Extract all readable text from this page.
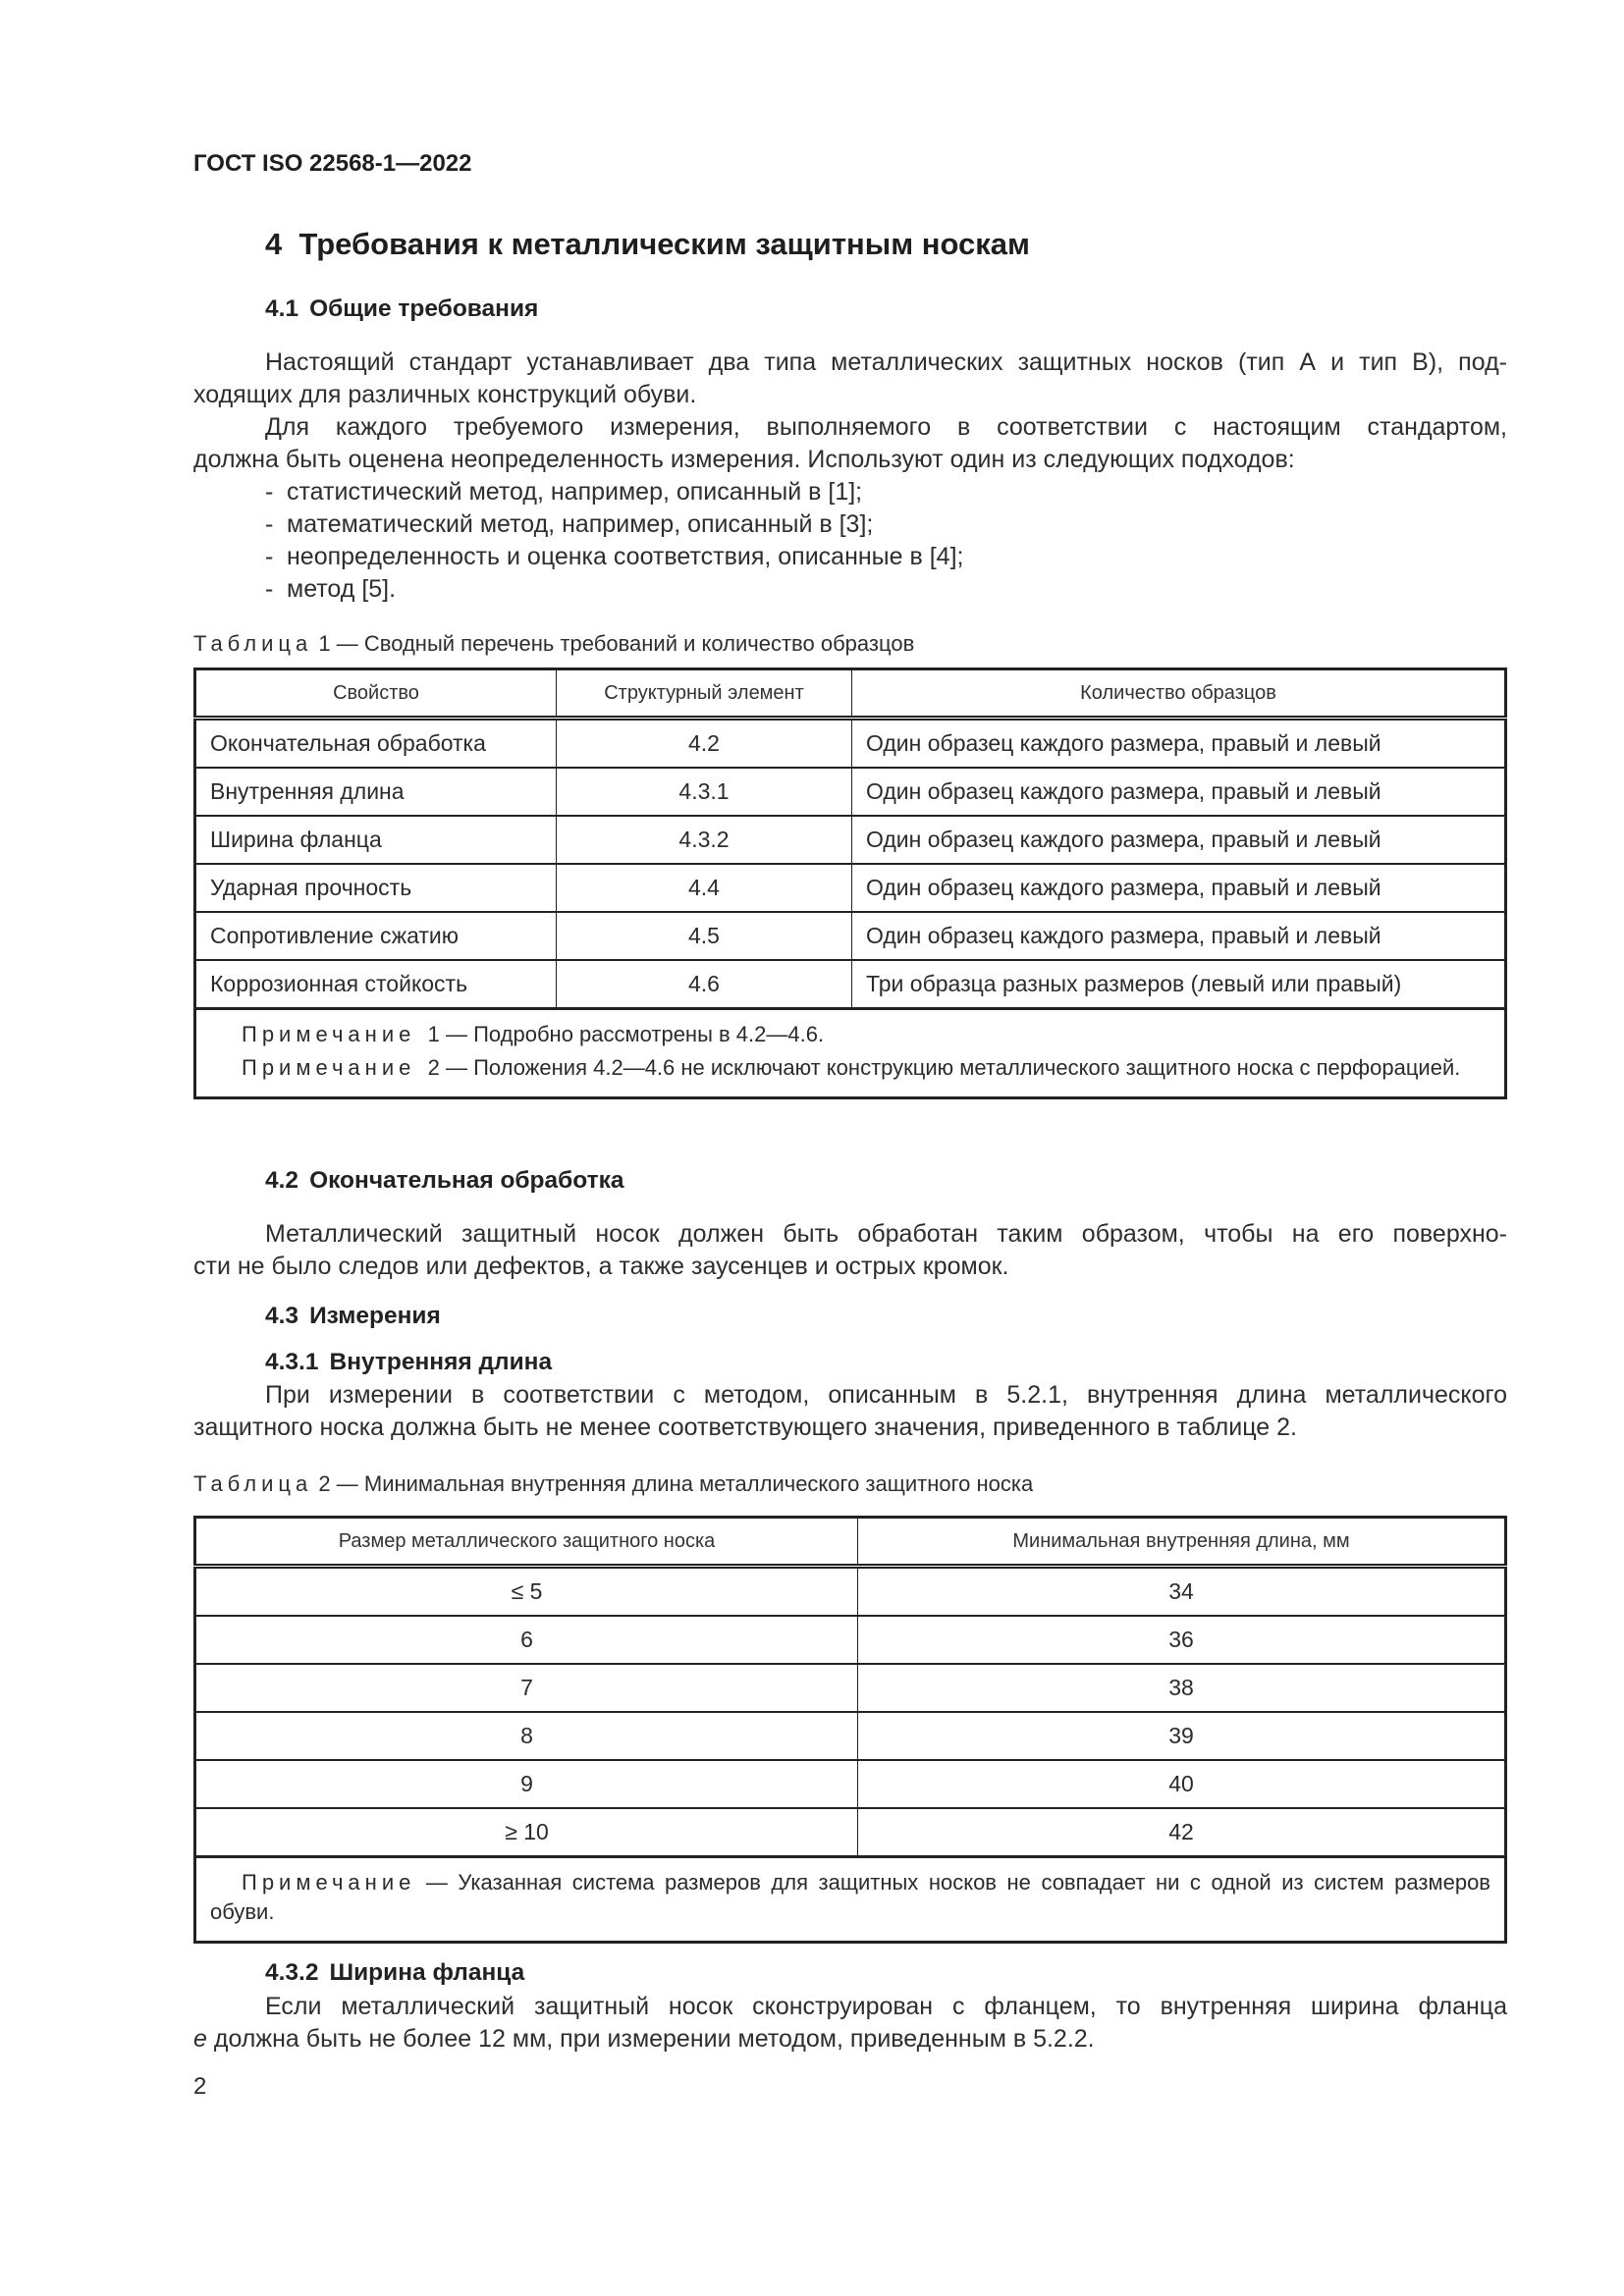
ГОСТ ISO 22568-1—2022
4 Требования к металлическим защитным носкам
4.1 Общие требования
Настоящий стандарт устанавливает два типа металлических защитных носков (тип А и тип В), под-
ходящих для различных конструкций обуви.
Для каждого требуемого измерения, выполняемого в соответствии с настоящим стандартом,
должна быть оценена неопределенность измерения. Используют один из следующих подходов:
- статистический метод, например, описанный в [1];
- математический метод, например, описанный в [3];
- неопределенность и оценка соответствия, описанные в [4];
- метод [5].
Таблица 1 — Сводный перечень требований и количество образцов
Свойство	Структурный элемент	Количество образцов
Окончательная обработка	4.2	Один образец каждого размера, правый и левый
Внутренняя длина	4.3.1	Один образец каждого размера, правый и левый
Ширина фланца	4.3.2	Один образец каждого размера, правый и левый
Ударная прочность	4.4	Один образец каждого размера, правый и левый
Сопротивление сжатию	4.5	Один образец каждого размера, правый и левый
Коррозионная стойкость	4.6	Три образца разных размеров (левый или правый)

Примечание 1 — Подробно рассмотрены в 4.2—4.6.
Примечание 2 — Положения 4.2—4.6 не исключают конструкцию металлического защитного носка с перфорацией.		
4.2 Окончательная обработка
Металлический защитный носок должен быть обработан таким образом, чтобы на его поверхно-
сти не было следов или дефектов, а также заусенцев и острых кромок.
4.3 Измерения
4.3.1 Внутренняя длина
При измерении в соответствии с методом, описанным в 5.2.1, внутренняя длина металлического
защитного носка должна быть не менее соответствующего значения, приведенного в таблице 2.
Таблица 2 — Минимальная внутренняя длина металлического защитного носка
Размер металлического защитного носка	Минимальная внутренняя длина, мм
≤ 5	34
6	36
7	38
8	39
9	40
≥ 10	42

Примечание — Указанная система размеров для защитных носков не совпадает ни с одной из систем размеров обуви.	
4.3.2 Ширина фланца
Если металлический защитный носок сконструирован с фланцем, то внутренняя ширина фланца
e должна быть не более 12 мм, при измерении методом, приведенным в 5.2.2.
2
